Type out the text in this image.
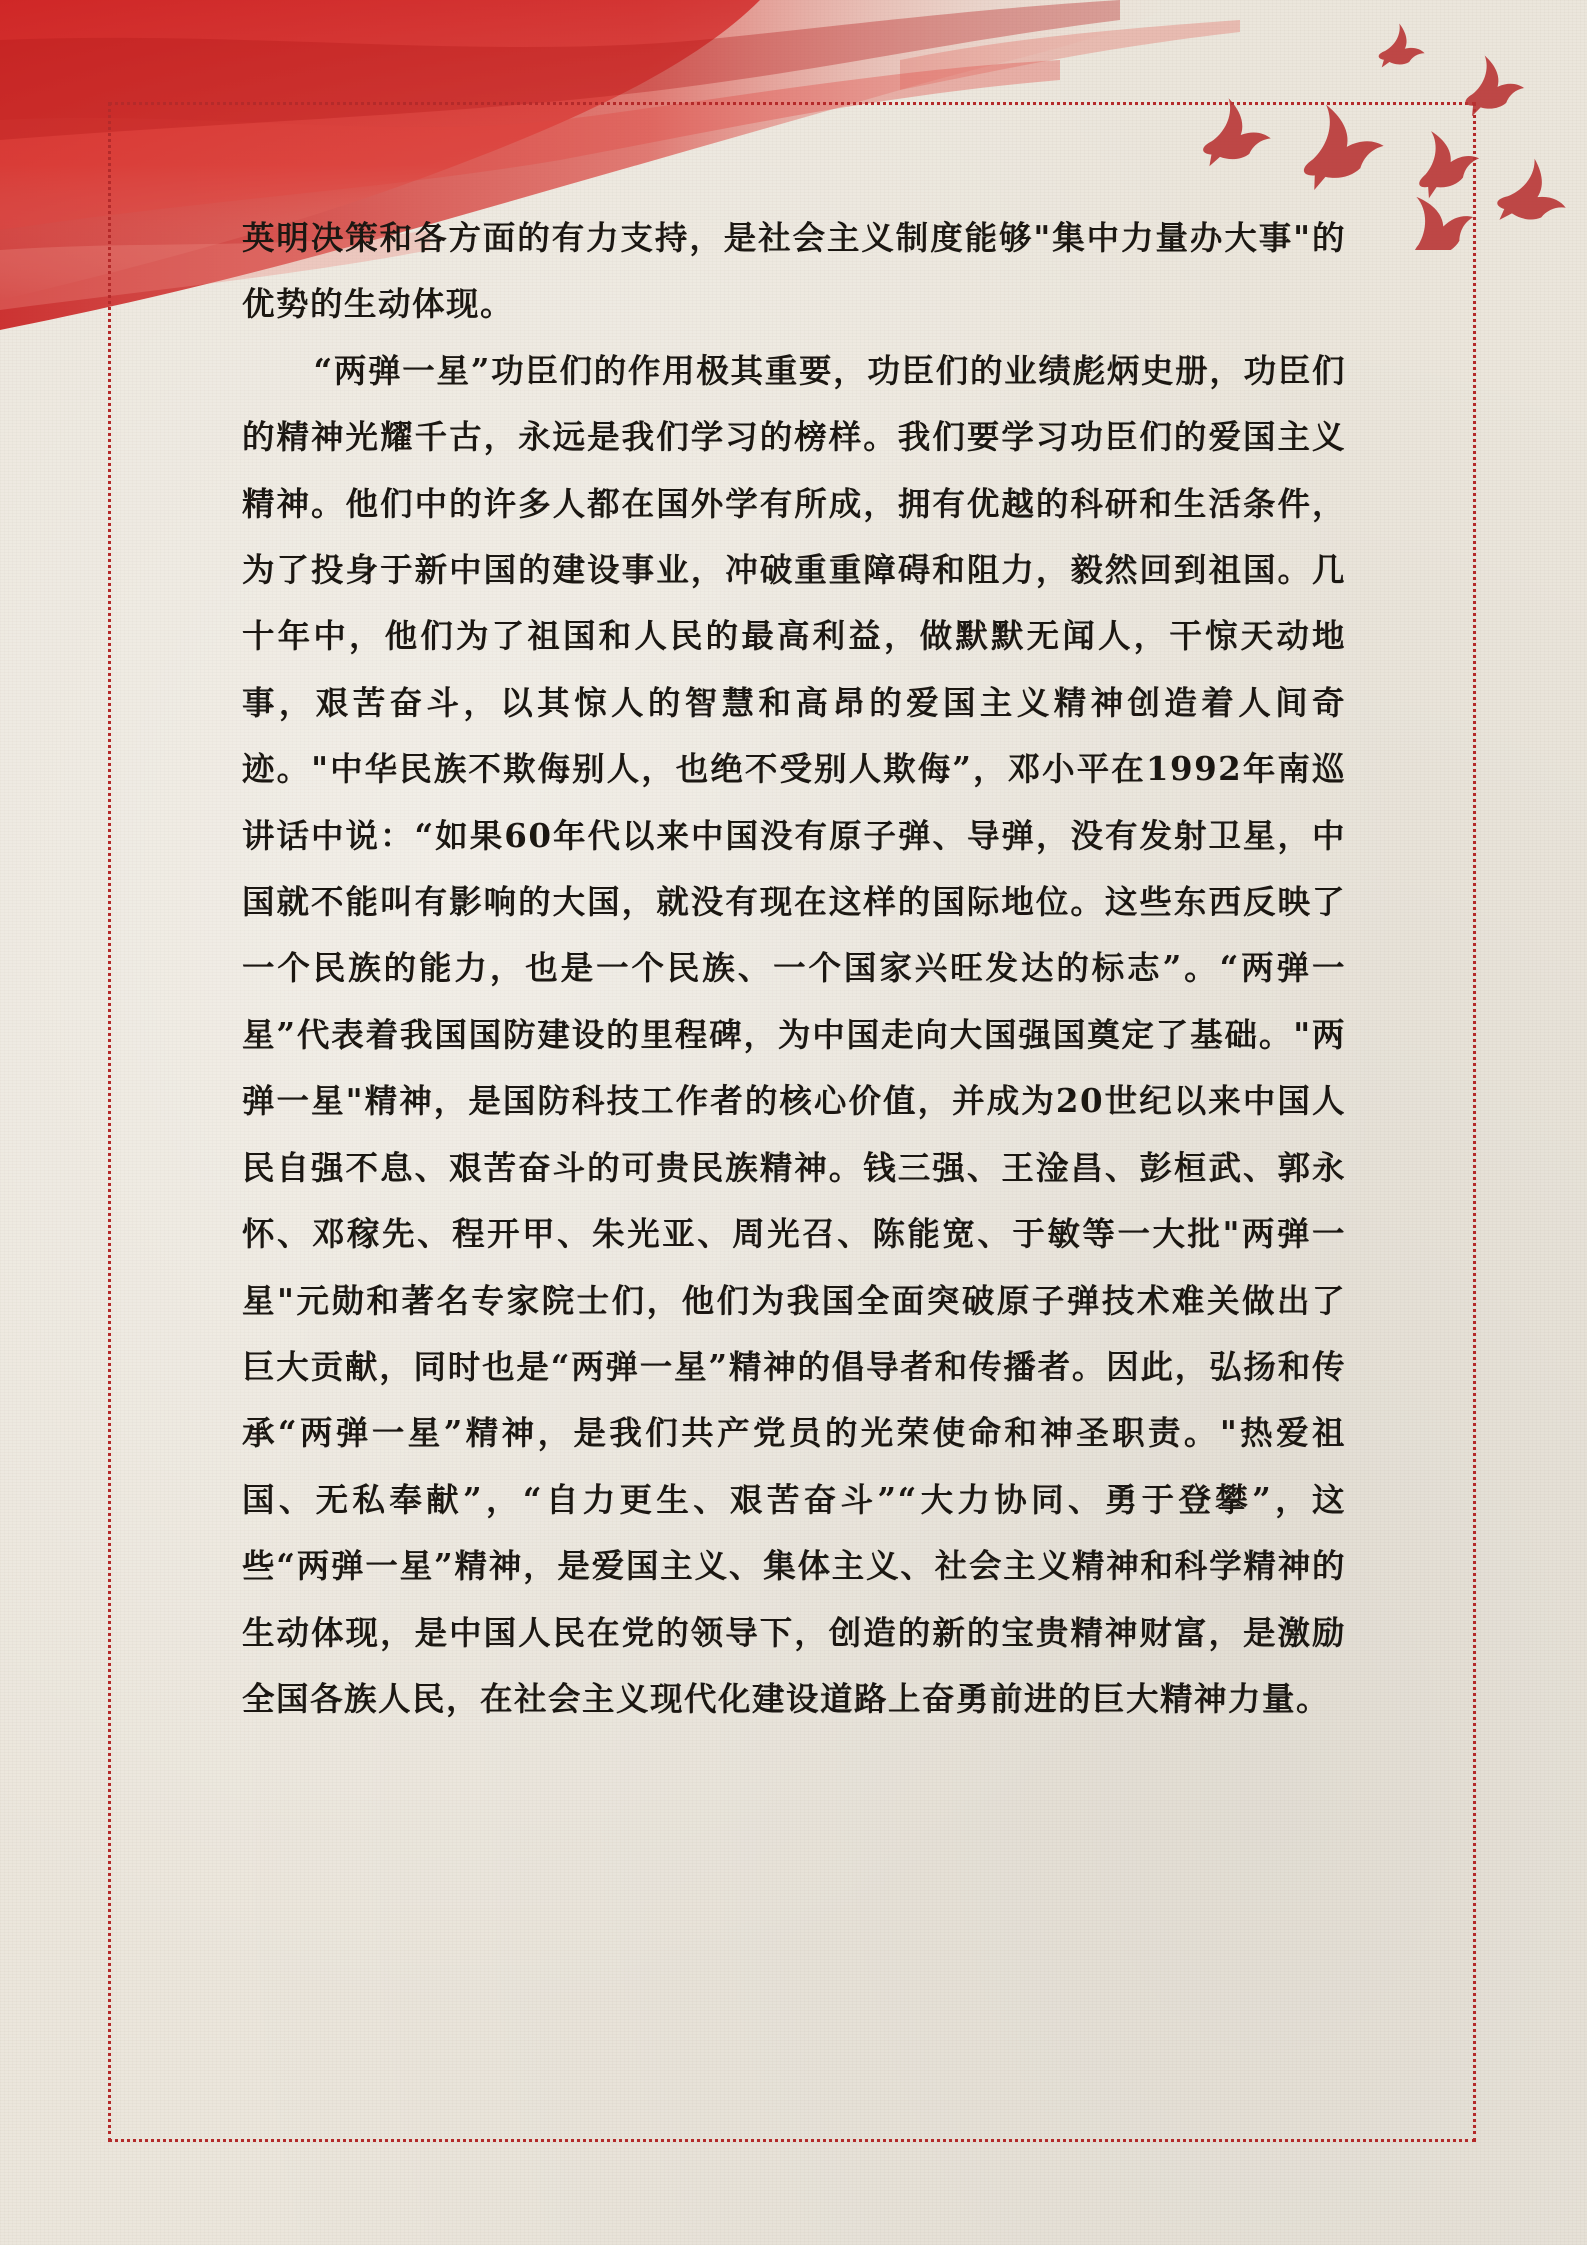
英明决策和各方面的有力支持，是社会主义制度能够"集中力量办大事"的优势的生动体现。

“两弹一星”功臣们的作用极其重要，功臣们的业绩彪炳史册，功臣们的精神光耀千古，永远是我们学习的榜样。我们要学习功臣们的爱国主义精神。他们中的许多人都在国外学有所成，拥有优越的科研和生活条件，为了投身于新中国的建设事业，冲破重重障碍和阻力，毅然回到祖国。几十年中，他们为了祖国和人民的最高利益，做默默无闻人，干惊天动地事，艰苦奋斗，以其惊人的智慧和高昂的爱国主义精神创造着人间奇迹。"中华民族不欺侮别人，也绝不受别人欺侮”，邓小平在1992年南巡讲话中说：“如果60年代以来中国没有原子弹、导弹，没有发射卫星，中国就不能叫有影响的大国，就没有现在这样的国际地位。这些东西反映了一个民族的能力，也是一个民族、一个国家兴旺发达的标志”。“两弹一星”代表着我国国防建设的里程碑，为中国走向大国强国奠定了基础。"两弹一星"精神，是国防科技工作者的核心价值，并成为20世纪以来中国人民自强不息、艰苦奋斗的可贵民族精神。钱三强、王淦昌、彭桓武、郭永怀、邓稼先、程开甲、朱光亚、周光召、陈能宽、于敏等一大批"两弹一星"元勋和著名专家院士们，他们为我国全面突破原子弹技术难关做出了巨大贡献，同时也是“两弹一星”精神的倡导者和传播者。因此，弘扬和传承“两弹一星”精神，是我们共产党员的光荣使命和神圣职责。"热爱祖国、无私奉献”，“自力更生、艰苦奋斗”“大力协同、勇于登攀”，这些“两弹一星”精神，是爱国主义、集体主义、社会主义精神和科学精神的生动体现，是中国人民在党的领导下，创造的新的宝贵精神财富，是激励全国各族人民，在社会主义现代化建设道路上奋勇前进的巨大精神力量。
